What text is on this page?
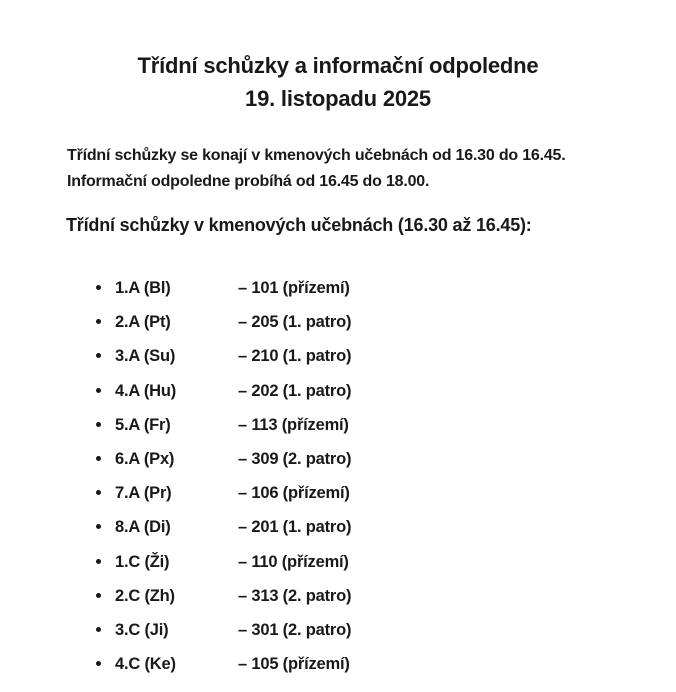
Třídní schůzky a informační odpoledne
19. listopadu 2025
Třídní schůzky se konají v kmenových učebnách od 16.30 do 16.45.
Informační odpoledne probíhá od 16.45 do 18.00.
Třídní schůzky v kmenových učebnách (16.30 až 16.45):
1.A (Bl)	– 101 (přízemí)
2.A (Pt)	– 205 (1. patro)
3.A (Su)	– 210 (1. patro)
4.A (Hu)	– 202 (1. patro)
5.A (Fr)	– 113 (přízemí)
6.A (Px)	– 309 (2. patro)
7.A (Pr)	– 106 (přízemí)
8.A (Di)	– 201 (1. patro)
1.C (Ži)	– 110 (přízemí)
2.C (Zh)	– 313 (2. patro)
3.C (Ji)	– 301 (2. patro)
4.C (Ke)	– 105 (přízemí)
